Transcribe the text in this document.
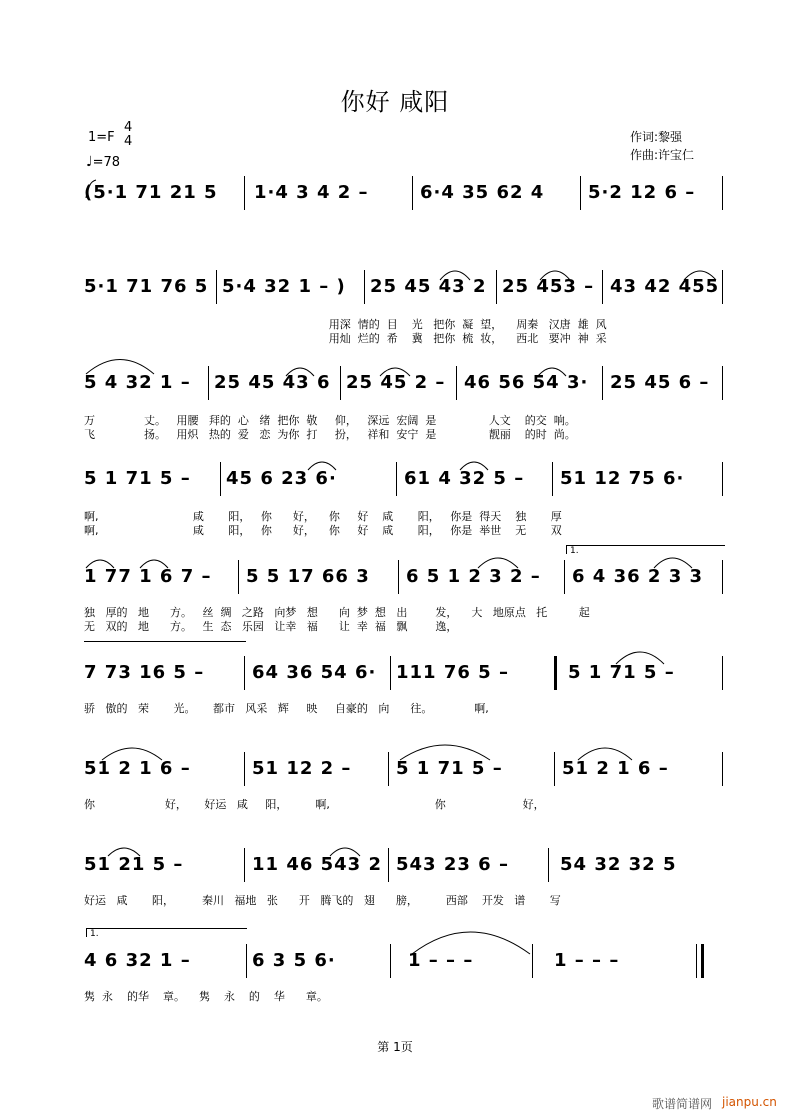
你好 咸阳
1=F
4
4
♩=78
作词:黎强
作曲:许宝仁
(5·1 71 21 5 1·4 3 4 2 –	6·4 35 62 4 5·2 12 6 –
5·1 71 76 5 5·4 32 1 – ) 25 45 43 2 25 453 – 43 42 455
用深  情的  目    光   把你  凝  望，    周秦   汉唐  雄  风
用灿  烂的  希    冀   把你  梳  妆，    西北   要冲  神  采
5 4 32 1 – 25 45 43 6 25 45 2 – 46 56 54 3· 25 45 6 –
万              丈。   用腰   拜的  心   绪  把你  敬     仰，   深远  宏阔  是               人文    的交  响。
飞              扬。   用炽   热的  爱   恋  为你  打     扮，   祥和  安宁  是               靓丽    的时  尚。
5 1 71 5 – 45 6 23 6·	61 4 32 5 – 51 12 75 6·
啊,                           咸       阳，   你      好，    你     好    咸       阳，   你是  得天    独       厚
啊,                           咸       阳，   你      好，    你     好    咸       阳，   你是  举世    无       双
1.
1 77 1 6 7 – 5 5 17 66 3 6 5 1 2 3 2 – 6 4 36 2 3 3
独   厚的   地      方。   丝  绸   之路   向梦   想      向  梦  想   出        发，    大   地原点   托         起
无   双的   地      方。   生  态   乐园   让幸   福      让  幸  福   飘        逸，
7 73 16 5 –	64 36 54 6· 111 76 5 –	5 1 71 5 –
骄   傲的   荣       光。     都市   风采   辉     映     自豪的   向      往。            啊,
51 2 1 6 –	51 12 2 – 5 1 71 5 –	51 2 1 6 –
你                    好，     好运   咸     阳，        啊,                              你                      好，
51 21 5 –	11 46 543 2 543 23 6 –	54 32 32 5
好运   咸       阳，        秦川   福地   张      开   腾飞的   翅      膀，        西部    开发   谱       写
1.
4 6 32 1 –	6 3 5 6·	1 – – –	1 – – –
隽  永    的华    章。    隽    永    的    华      章。
第 1页
歌谱简谱网 jianpu.cn
